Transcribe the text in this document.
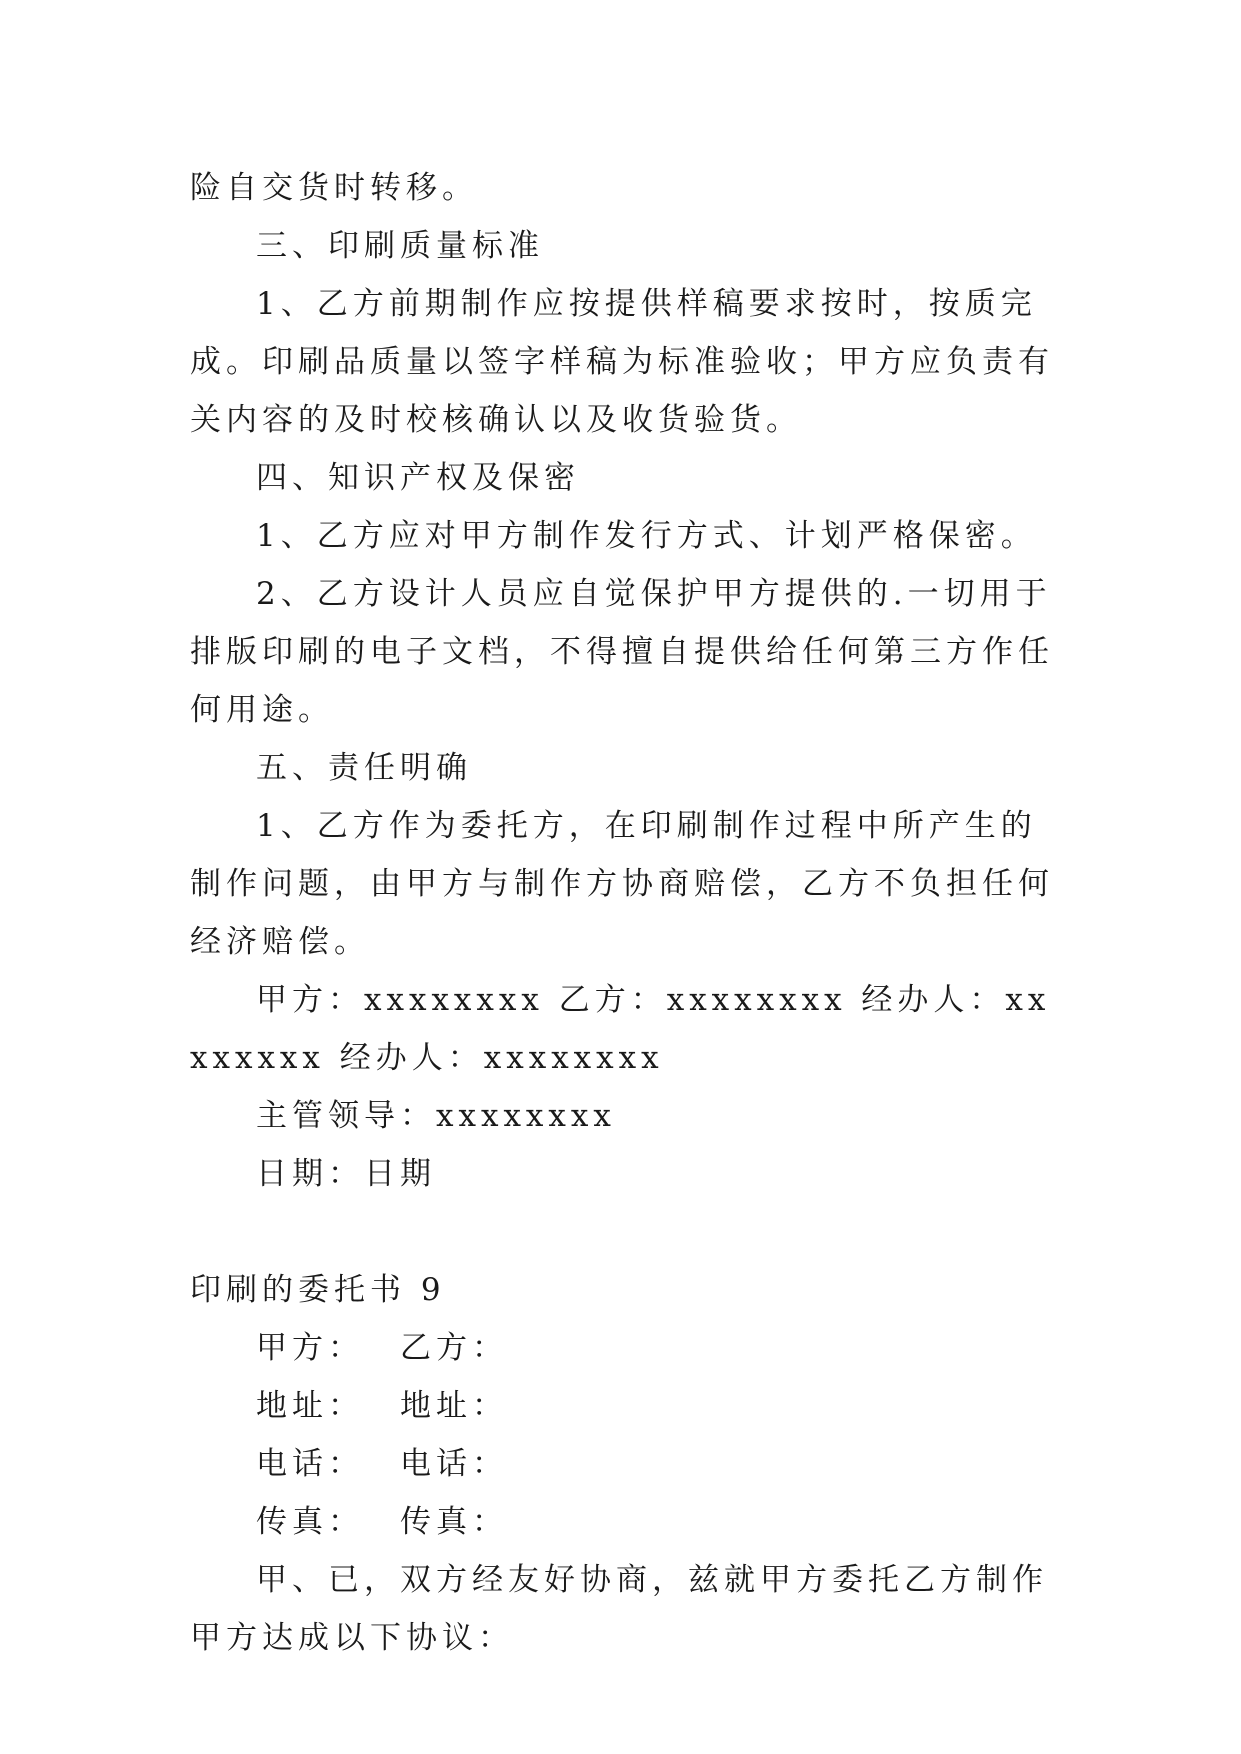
险自交货时转移。

三、印刷质量标准

1、乙方前期制作应按提供样稿要求按时，按质完成。印刷品质量以签字样稿为标准验收；甲方应负责有关内容的及时校核确认以及收货验货。

四、知识产权及保密

1、乙方应对甲方制作发行方式、计划严格保密。

2、乙方设计人员应自觉保护甲方提供的.一切用于排版印刷的电子文档，不得擅自提供给任何第三方作任何用途。

五、责任明确

1、乙方作为委托方，在印刷制作过程中所产生的制作问题，由甲方与制作方协商赔偿，乙方不负担任何经济赔偿。

甲方：xxxxxxxx 乙方：xxxxxxxx 经办人：xxxxxxxx 经办人：xxxxxxxx

主管领导：xxxxxxxx

日期：日期

印刷的委托书 9

甲方： 乙方：

地址： 地址：

电话： 电话：

传真： 传真：

甲、已，双方经友好协商，兹就甲方委托乙方制作甲方达成以下协议：
